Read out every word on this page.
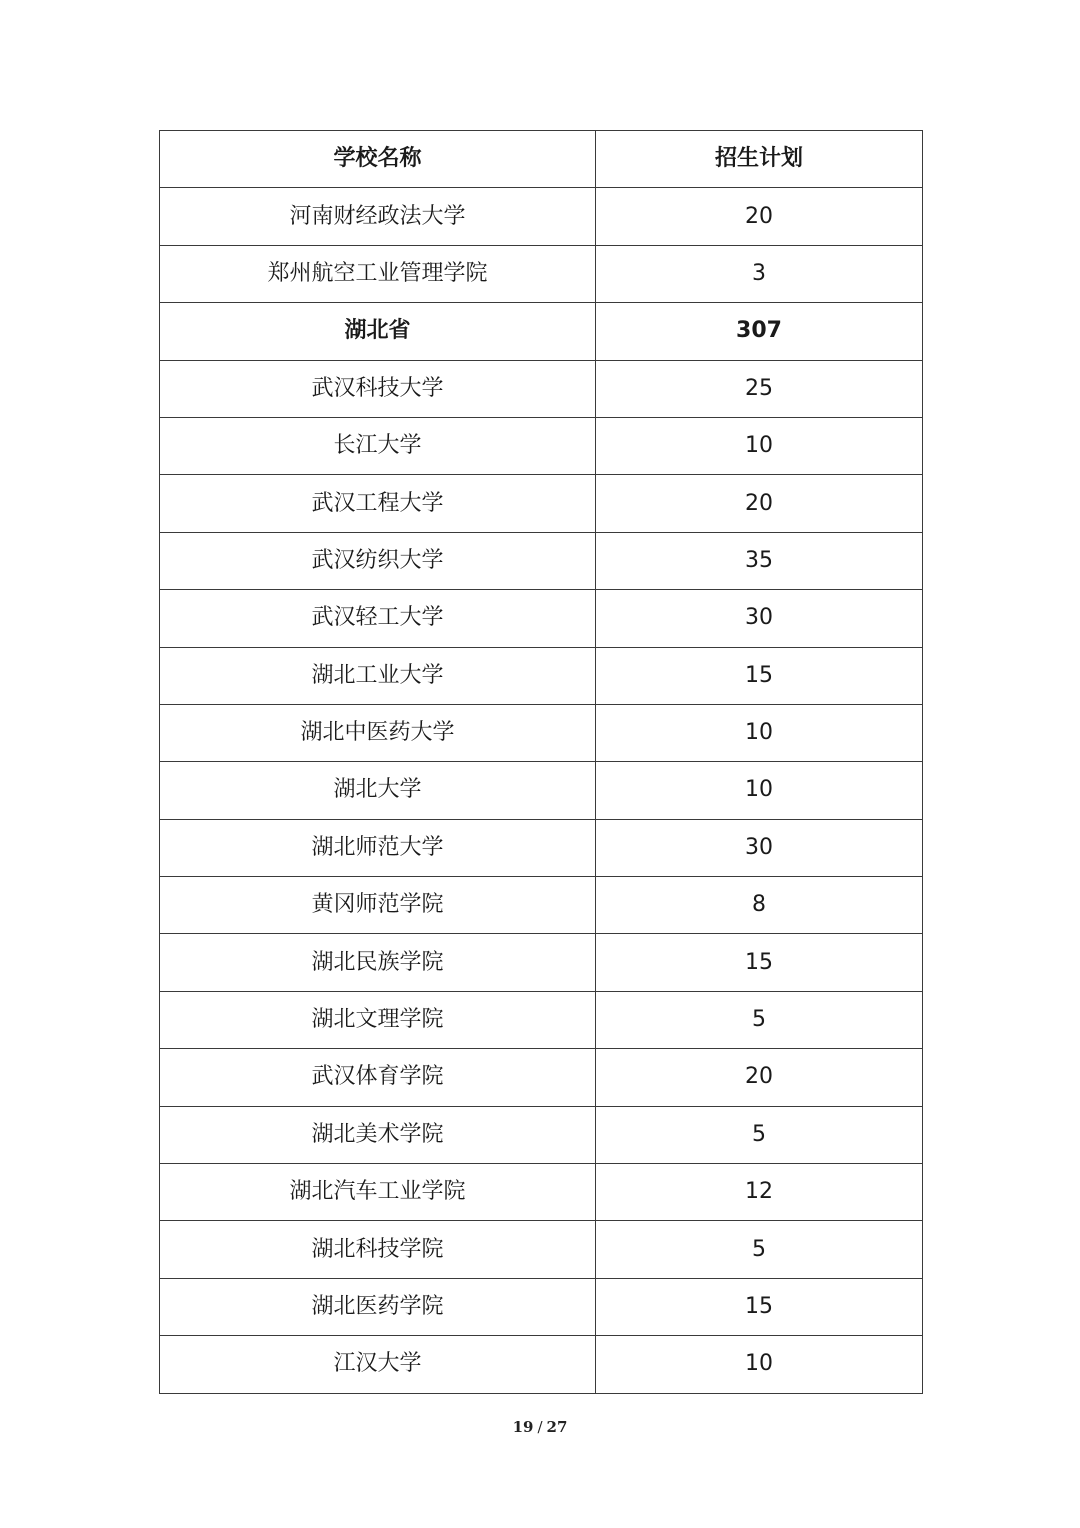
学校名称	招生计划
河南财经政法大学	20
郑州航空工业管理学院	3
湖北省	307
武汉科技大学	25
长江大学	10
武汉工程大学	20
武汉纺织大学	35
武汉轻工大学	30
湖北工业大学	15
湖北中医药大学	10
湖北大学	10
湖北师范大学	30
黄冈师范学院	8
湖北民族学院	15
湖北文理学院	5
武汉体育学院	20
湖北美术学院	5
湖北汽车工业学院	12
湖北科技学院	5
湖北医药学院	15
江汉大学	10
19 / 27
